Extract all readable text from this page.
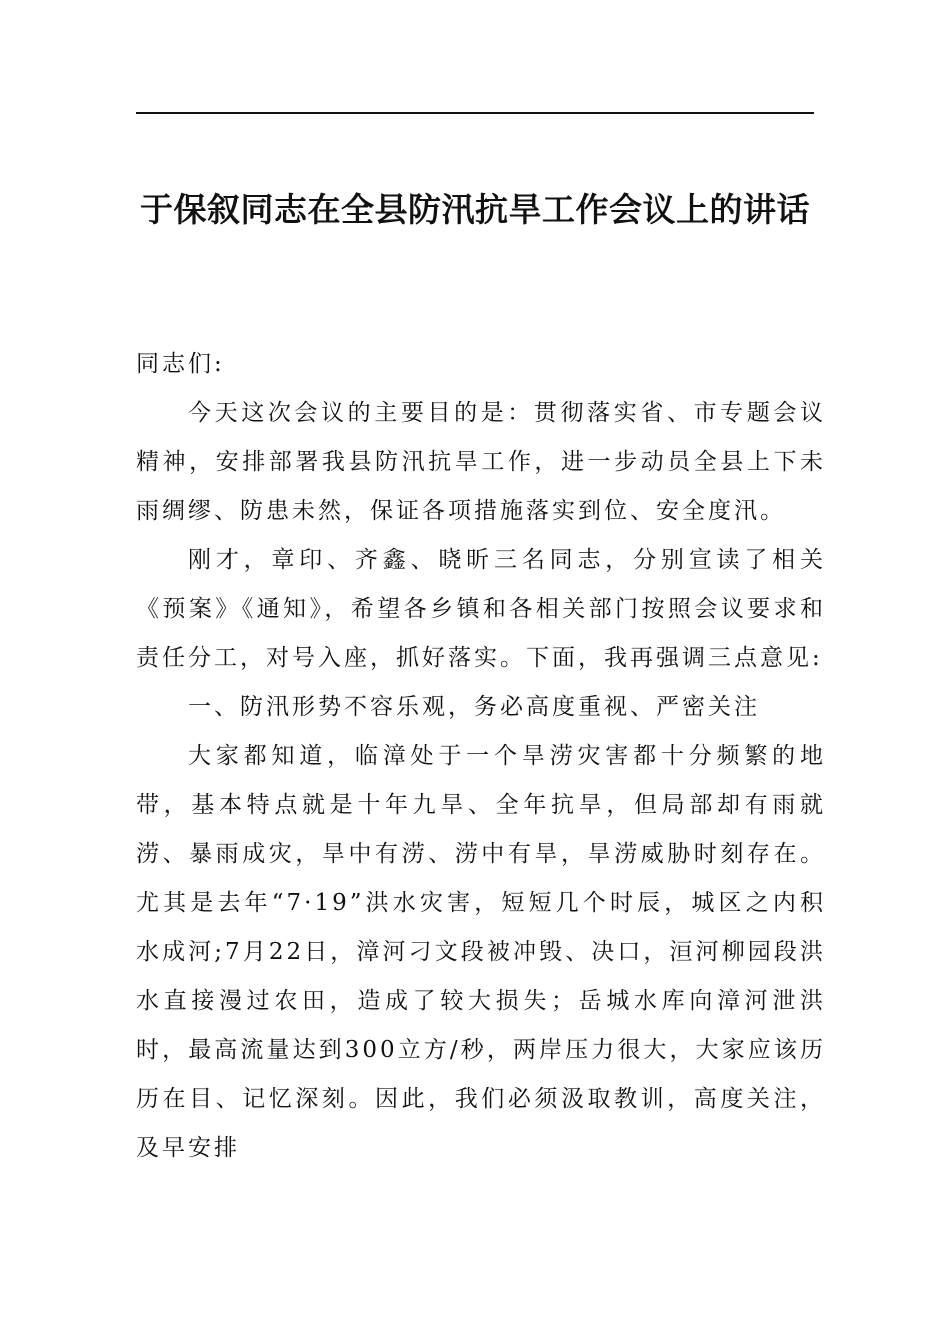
于保叙同志在全县防汛抗旱工作会议上的讲话

同志们:

今天这次会议的主要目的是：贯彻落实省、市专题会议精神，安排部署我县防汛抗旱工作，进一步动员全县上下未雨绸缪、防患未然，保证各项措施落实到位、安全度汛。

刚才，章印、齐鑫、晓昕三名同志，分别宣读了相关《预案》《通知》，希望各乡镇和各相关部门按照会议要求和责任分工，对号入座，抓好落实。下面，我再强调三点意见:

一、防汛形势不容乐观，务必高度重视、严密关注

大家都知道，临漳处于一个旱涝灾害都十分频繁的地带，基本特点就是十年九旱、全年抗旱，但局部却有雨就涝、暴雨成灾，旱中有涝、涝中有旱，旱涝威胁时刻存在。尤其是去年“7·19”洪水灾害，短短几个时辰，城区之内积水成河;7月22日，漳河刁文段被冲毁、决口，洹河柳园段洪水直接漫过农田，造成了较大损失；岳城水库向漳河泄洪时，最高流量达到300立方/秒，两岸压力很大，大家应该历历在目、记忆深刻。因此，我们必须汲取教训，高度关注，及早安排
